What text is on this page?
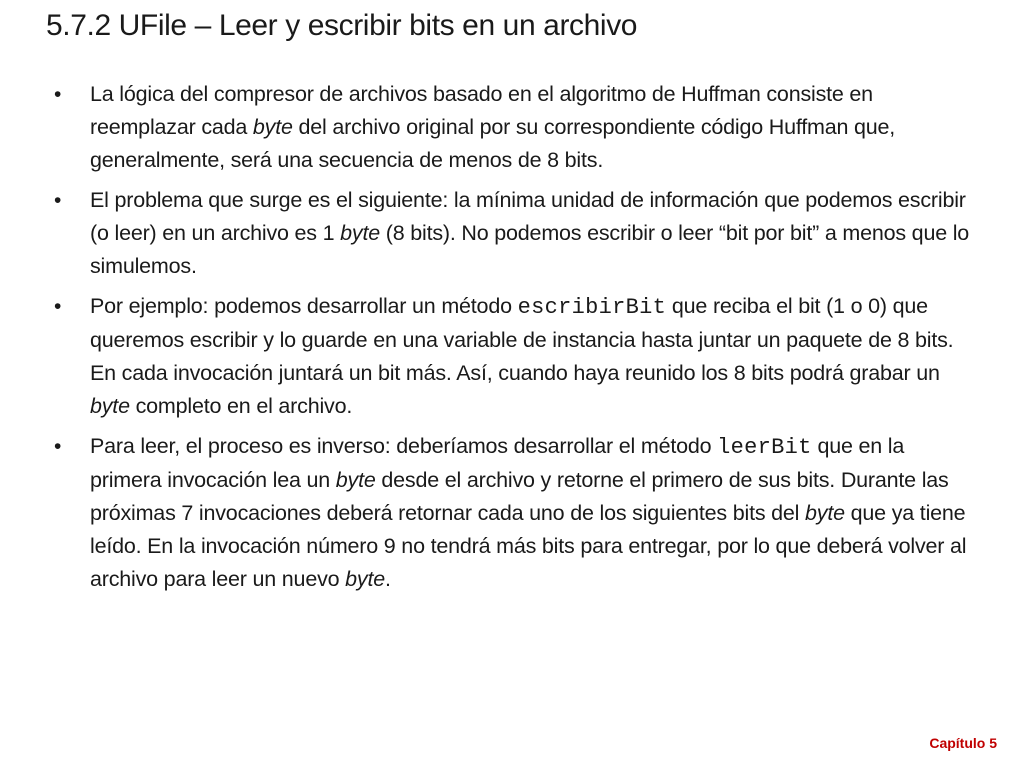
5.7.2 UFile – Leer y escribir bits en un archivo

• La lógica del compresor de archivos basado en el algoritmo de Huffman consiste en reemplazar cada byte del archivo original por su correspondiente código Huffman que, generalmente, será una secuencia de menos de 8 bits.

• El problema que surge es el siguiente: la mínima unidad de información que podemos escribir (o leer) en un archivo es 1 byte (8 bits). No podemos escribir o leer “bit por bit” a menos que lo simulemos.

• Por ejemplo: podemos desarrollar un método escribirBit que reciba el bit (1 o 0) que queremos escribir y lo guarde en una variable de instancia hasta juntar un paquete de 8 bits. En cada invocación juntará un bit más. Así, cuando haya reunido los 8 bits podrá grabar un byte completo en el archivo.

• Para leer, el proceso es inverso: deberíamos desarrollar el método leerBit que en la primera invocación lea un byte desde el archivo y retorne el primero de sus bits. Durante las próximas 7 invocaciones deberá retornar cada uno de los siguientes bits del byte que ya tiene leído. En la invocación número 9 no tendrá más bits para entregar, por lo que deberá volver al archivo para leer un nuevo byte.

Capítulo 5
